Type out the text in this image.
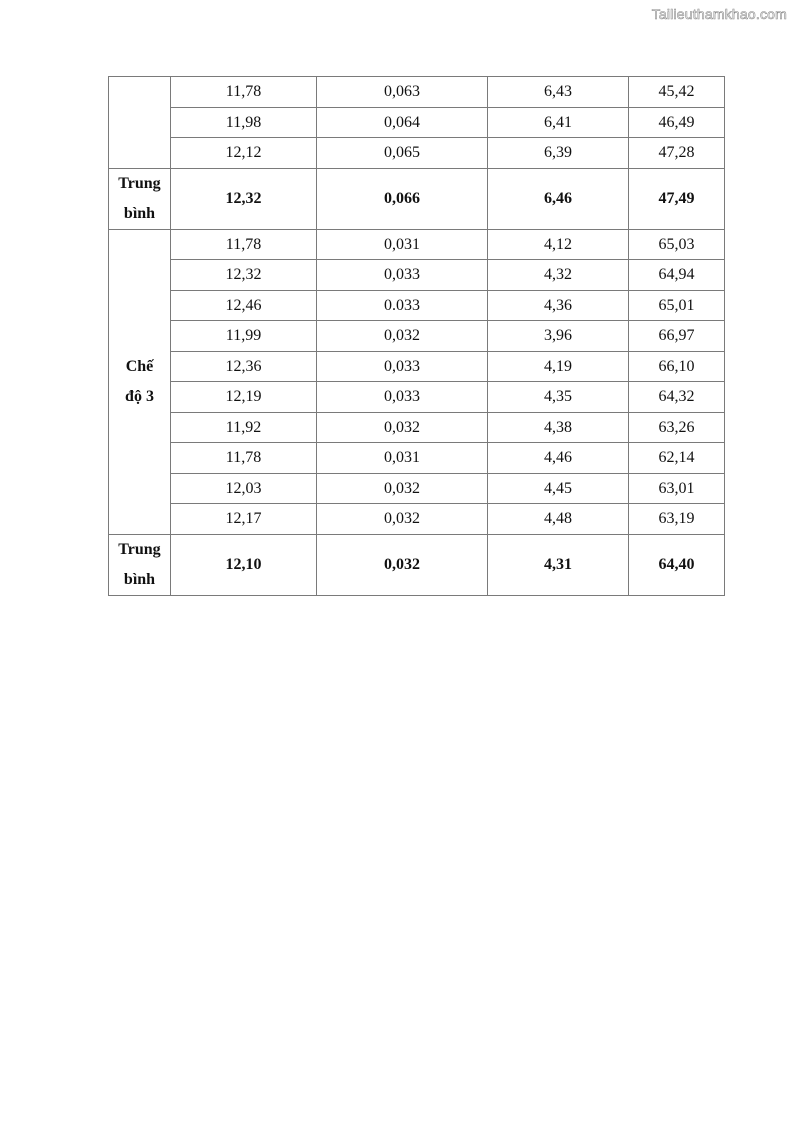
Tailieuthamkhao.com
	11,78	0,063	6,43	45,42
	11,98	0,064	6,41	46,49
	12,12	0,065	6,39	47,28

Trung
bình	12,32	0,066	6,46	47,49

Chế
độ 3	11,78	0,031	4,12	65,03
	12,32	0,033	4,32	64,94
	12,46	0.033	4,36	65,01
	11,99	0,032	3,96	66,97
	12,36	0,033	4,19	66,10
	12,19	0,033	4,35	64,32
	11,92	0,032	4,38	63,26
	11,78	0,031	4,46	62,14
	12,03	0,032	4,45	63,01
	12,17	0,032	4,48	63,19

Trung
bình	12,10	0,032	4,31	64,40
